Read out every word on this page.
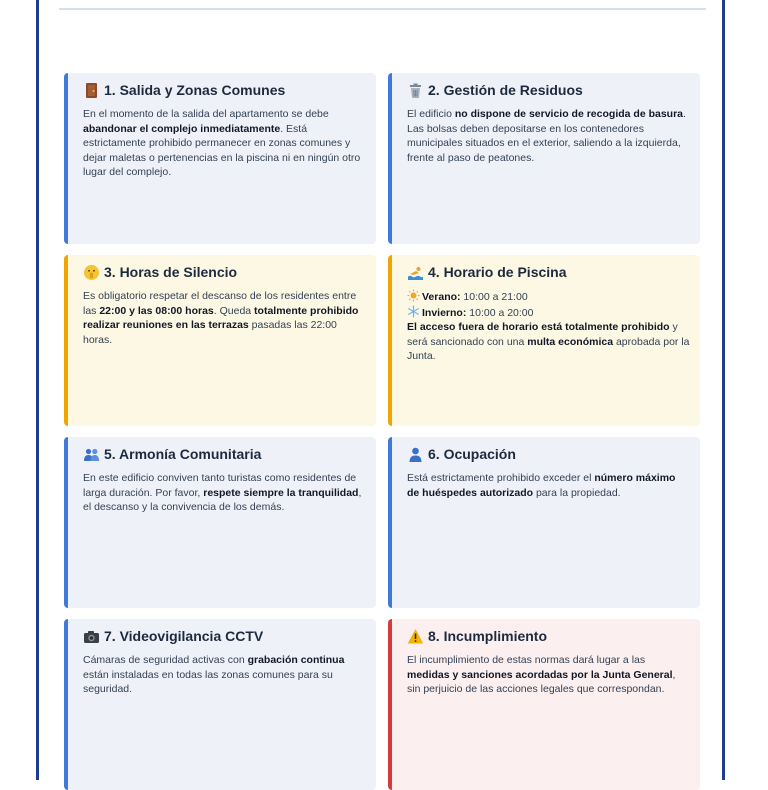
1. Salida y Zonas Comunes
En el momento de la salida del apartamento se debe abandonar el complejo inmediatamente. Está estrictamente prohibido permanecer en zonas comunes y dejar maletas o pertenencias en la piscina ni en ningún otro lugar del complejo.
2. Gestión de Residuos
El edificio no dispone de servicio de recogida de basura. Las bolsas deben depositarse en los contenedores municipales situados en el exterior, saliendo a la izquierda, frente al paso de peatones.
3. Horas de Silencio
Es obligatorio respetar el descanso de los residentes entre las 22:00 y las 08:00 horas. Queda totalmente prohibido realizar reuniones en las terrazas pasadas las 22:00 horas.
4. Horario de Piscina
Verano: 10:00 a 21:00
Invierno: 10:00 a 20:00
El acceso fuera de horario está totalmente prohibido y será sancionado con una multa económica aprobada por la Junta.
5. Armonía Comunitaria
En este edificio conviven tanto turistas como residentes de larga duración. Por favor, respete siempre la tranquilidad, el descanso y la convivencia de los demás.
6. Ocupación
Está estrictamente prohibido exceder el número máximo de huéspedes autorizado para la propiedad.
7. Videovigilancia CCTV
Cámaras de seguridad activas con grabación continua están instaladas en todas las zonas comunes para su seguridad.
8. Incumplimiento
El incumplimiento de estas normas dará lugar a las medidas y sanciones acordadas por la Junta General, sin perjuicio de las acciones legales que correspondan.
